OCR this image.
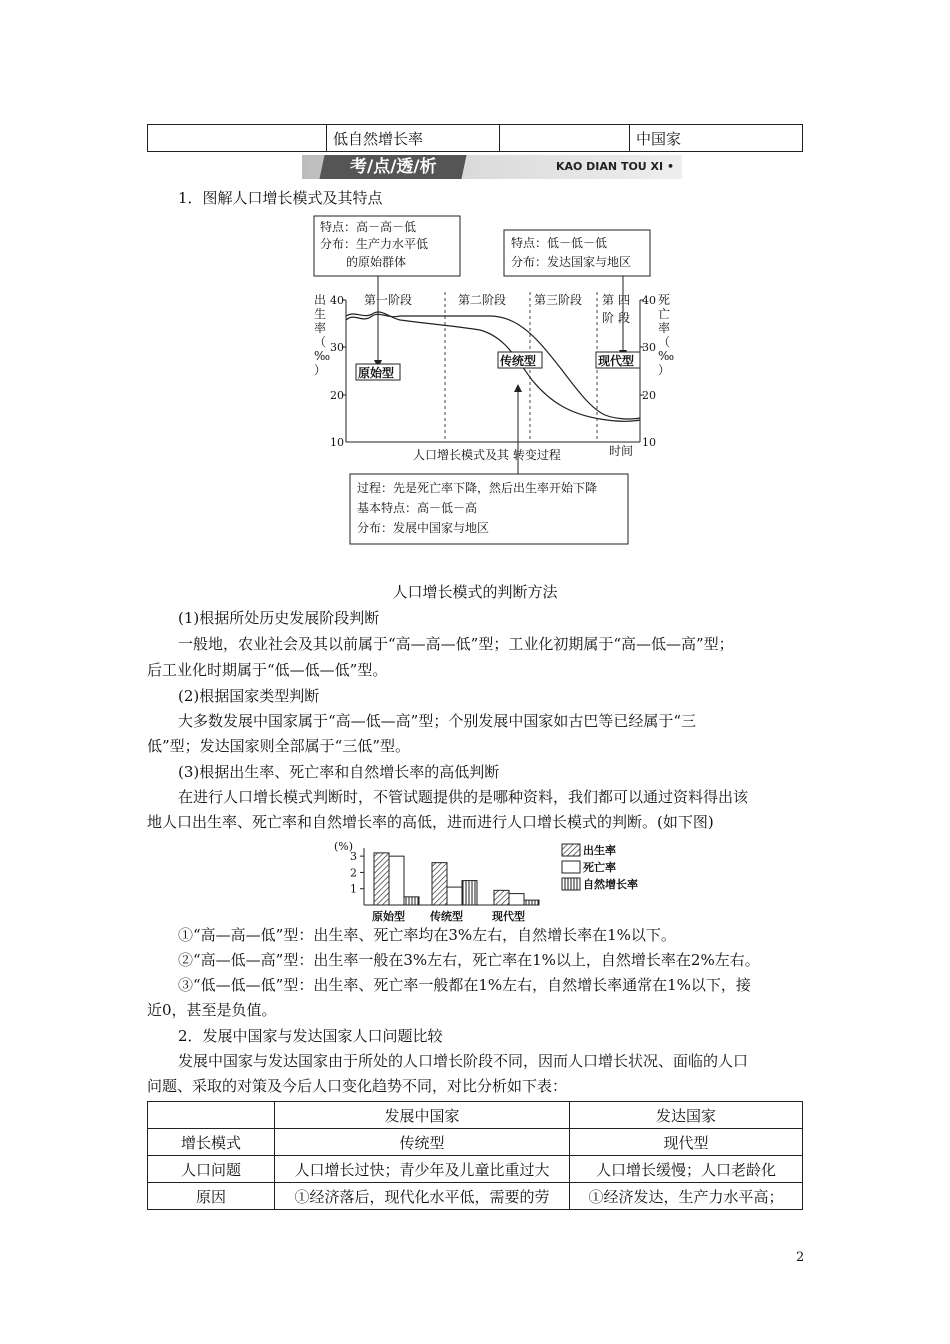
	低自然增长率		中国家
考/点/透/析	KAO DIAN TOU XI •
1．图解人口增长模式及其特点
特点：高－高－低
分布：生产力水平低
的原始群体
特点：低－低－低
分布：发达国家与地区
40
30
20
10
40
30
20
10
出
生
率
（
‰
）
死
亡
率
（
‰
）
第一阶段	第二阶段 第三阶段 第 四
阶 段
原始型
传统型	现代型
时间
人口增长模式及其 转变过程
过程：先是死亡率下降，然后出生率开始下降
基本特点：高－低－高
分布：发展中国家与地区
人口增长模式的判断方法
(1)根据所处历史发展阶段判断
一般地，农业社会及其以前属于“高—高—低”型；工业化初期属于“高—低—高”型；
后工业化时期属于“低—低—低”型。
(2)根据国家类型判断
大多数发展中国家属于“高—低—高”型；个别发展中国家如古巴等已经属于“三
低”型；发达国家则全部属于“三低”型。
(3)根据出生率、死亡率和自然增长率的高低判断
在进行人口增长模式判断时，不管试题提供的是哪种资料，我们都可以通过资料得出该
地人口出生率、死亡率和自然增长率的高低，进而进行人口增长模式的判断。(如下图)
(%)
3
2
1
原始型 传统型	现代型
出生率
死亡率
自然增长率
①“高—高—低”型：出生率、死亡率均在3%左右，自然增长率在1%以下。
②“高—低—高”型：出生率一般在3%左右，死亡率在1%以上，自然增长率在2%左右。
③“低—低—低”型：出生率、死亡率一般都在1%左右，自然增长率通常在1%以下，接
近0，甚至是负值。
2．发展中国家与发达国家人口问题比较
发展中国家与发达国家由于所处的人口增长阶段不同，因而人口增长状况、面临的人口
问题、采取的对策及今后人口变化趋势不同，对比分析如下表：
	发展中国家	发达国家
增长模式	传统型	现代型
人口问题	人口增长过快；青少年及儿童比重过大	人口增长缓慢；人口老龄化
原因	①经济落后，现代化水平低，需要的劳	①经济发达，生产力水平高；
2
